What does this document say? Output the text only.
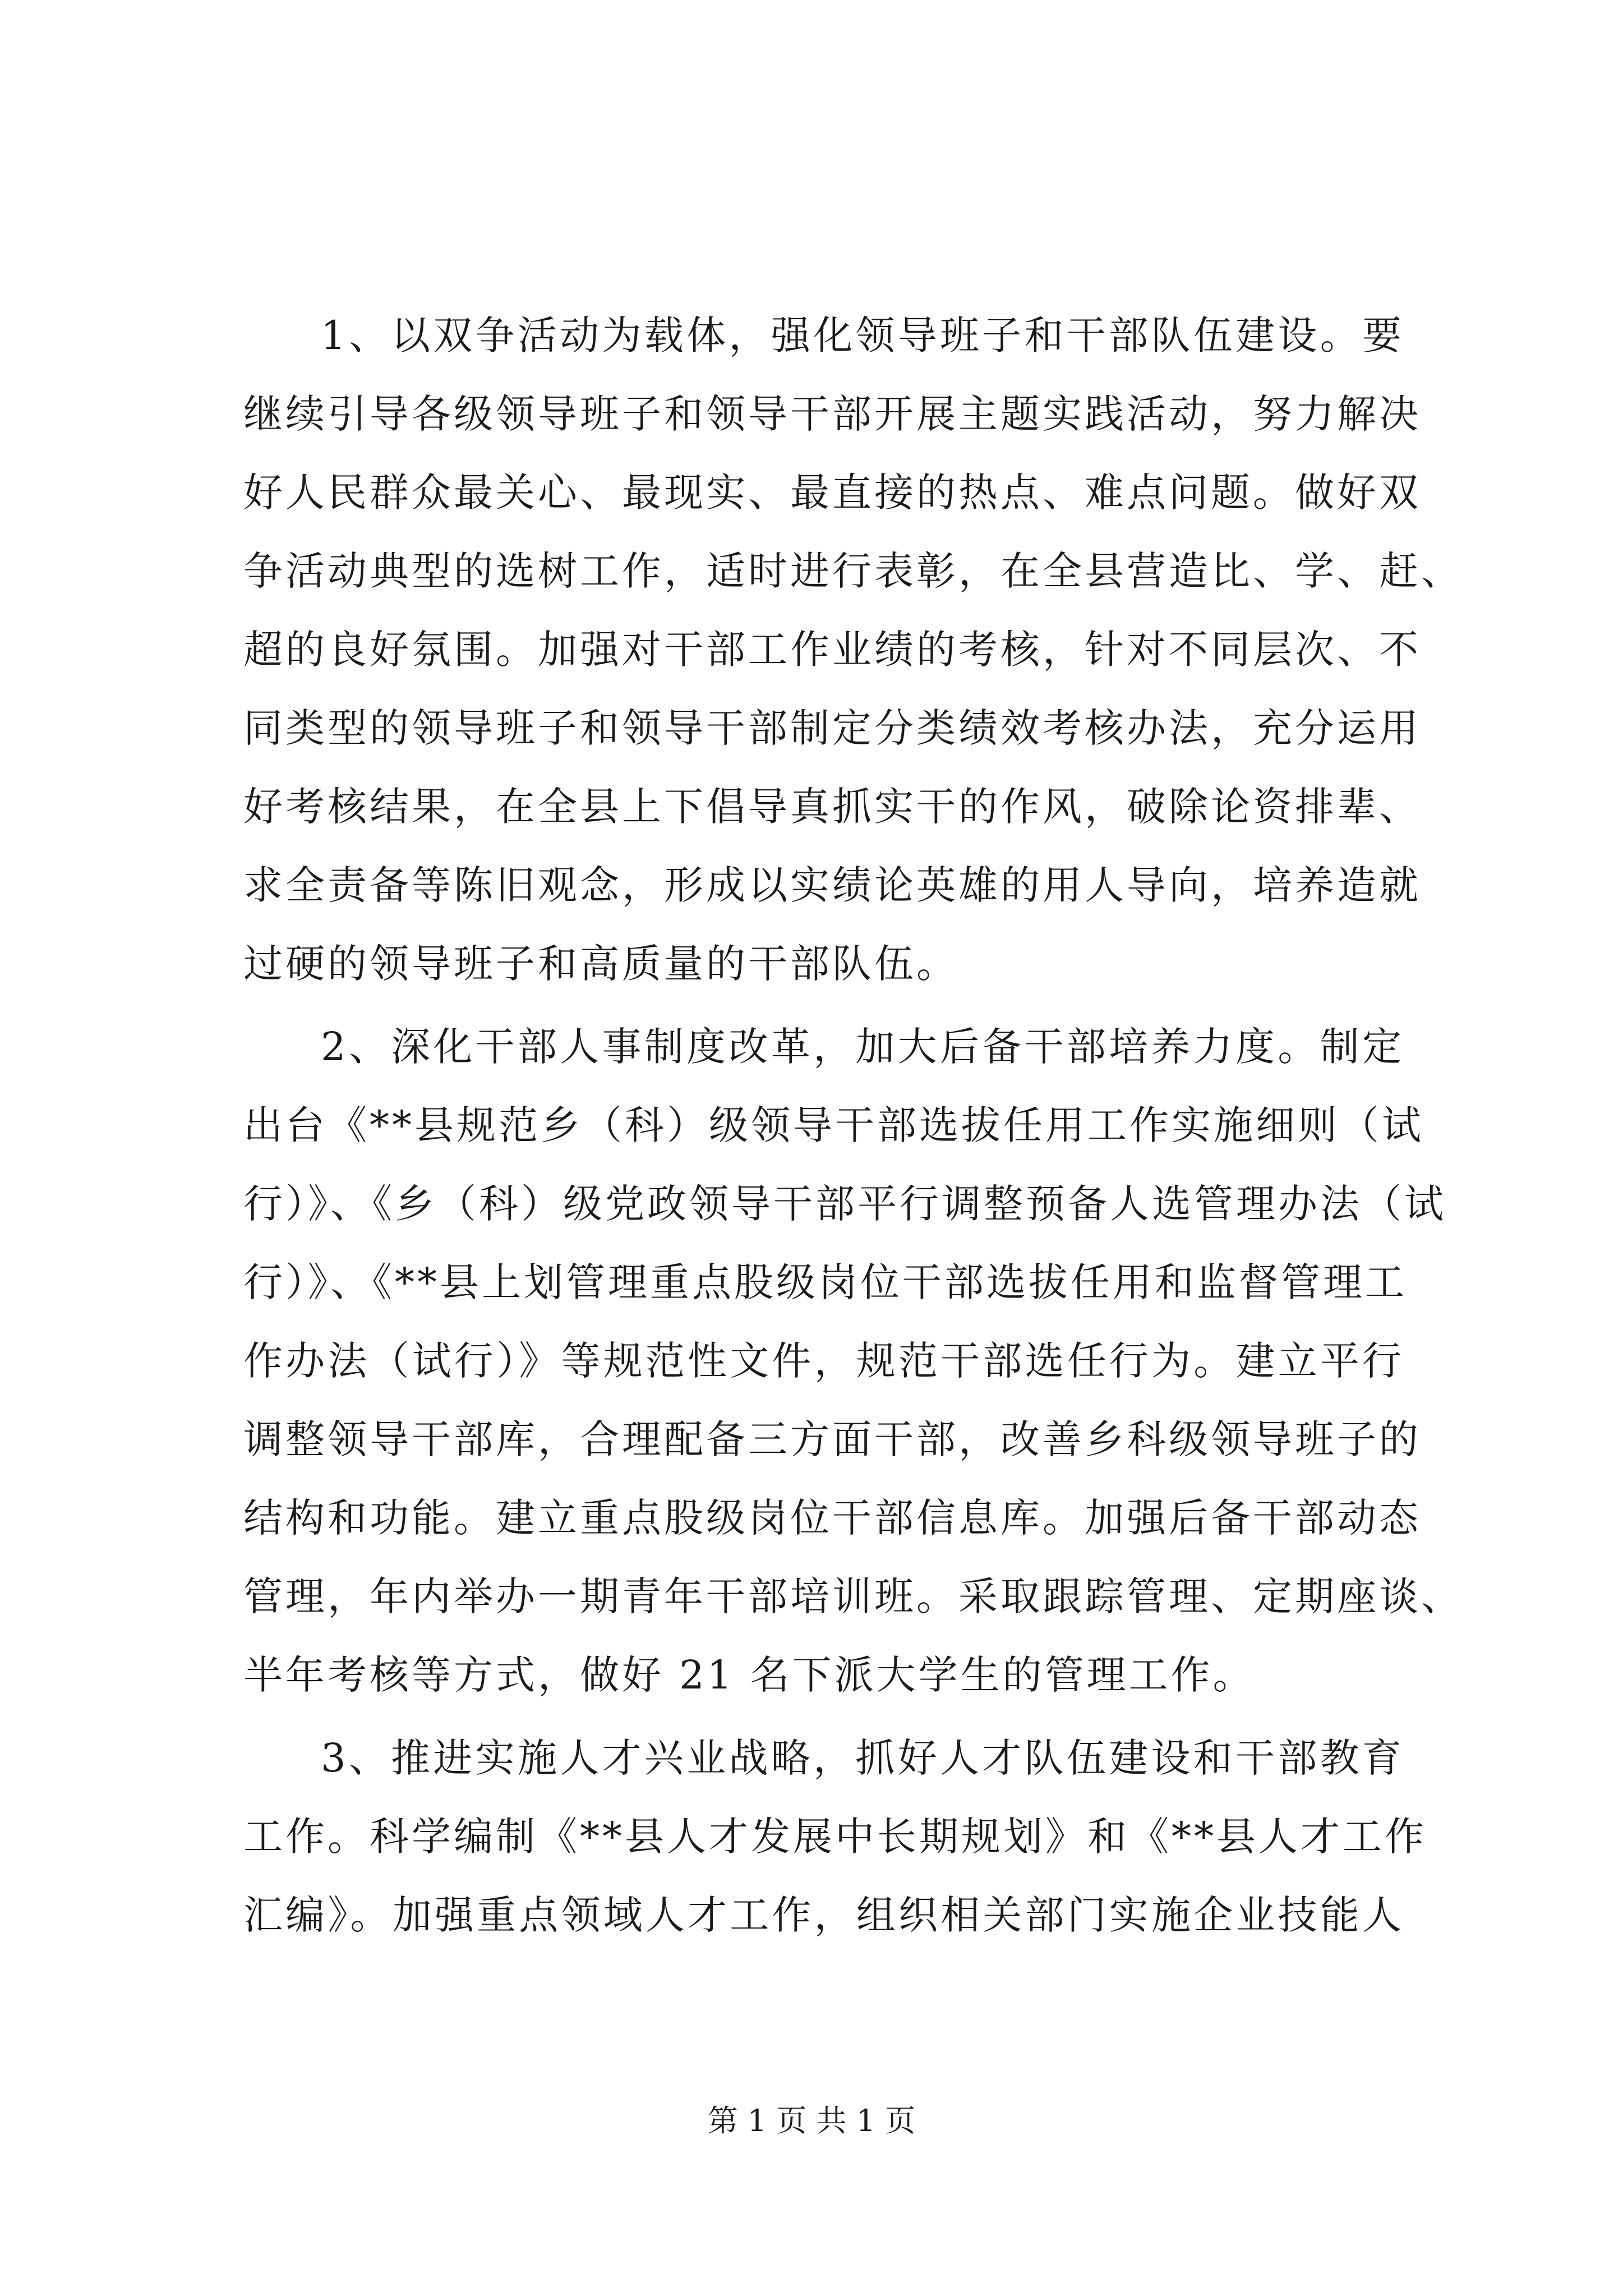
1、以双争活动为载体，强化领导班子和干部队伍建设。要
继续引导各级领导班子和领导干部开展主题实践活动，努力解决
好人民群众最关心、最现实、最直接的热点、难点问题。做好双
争活动典型的选树工作，适时进行表彰，在全县营造比、学、赶、
超的良好氛围。加强对干部工作业绩的考核，针对不同层次、不
同类型的领导班子和领导干部制定分类绩效考核办法，充分运用
好考核结果，在全县上下倡导真抓实干的作风，破除论资排辈、
求全责备等陈旧观念，形成以实绩论英雄的用人导向，培养造就
过硬的领导班子和高质量的干部队伍。
2、深化干部人事制度改革，加大后备干部培养力度。制定
出台《**县规范乡（科）级领导干部选拔任用工作实施细则（试
行）》、《乡（科）级党政领导干部平行调整预备人选管理办法（试
行）》、《**县上划管理重点股级岗位干部选拔任用和监督管理工
作办法（试行）》等规范性文件，规范干部选任行为。建立平行
调整领导干部库，合理配备三方面干部，改善乡科级领导班子的
结构和功能。建立重点股级岗位干部信息库。加强后备干部动态
管理，年内举办一期青年干部培训班。采取跟踪管理、定期座谈、
半年考核等方式，做好 21 名下派大学生的管理工作。
3、推进实施人才兴业战略，抓好人才队伍建设和干部教育
工作。科学编制《**县人才发展中长期规划》和《**县人才工作
汇编》。加强重点领域人才工作，组织相关部门实施企业技能人
第 1 页 共 1 页
